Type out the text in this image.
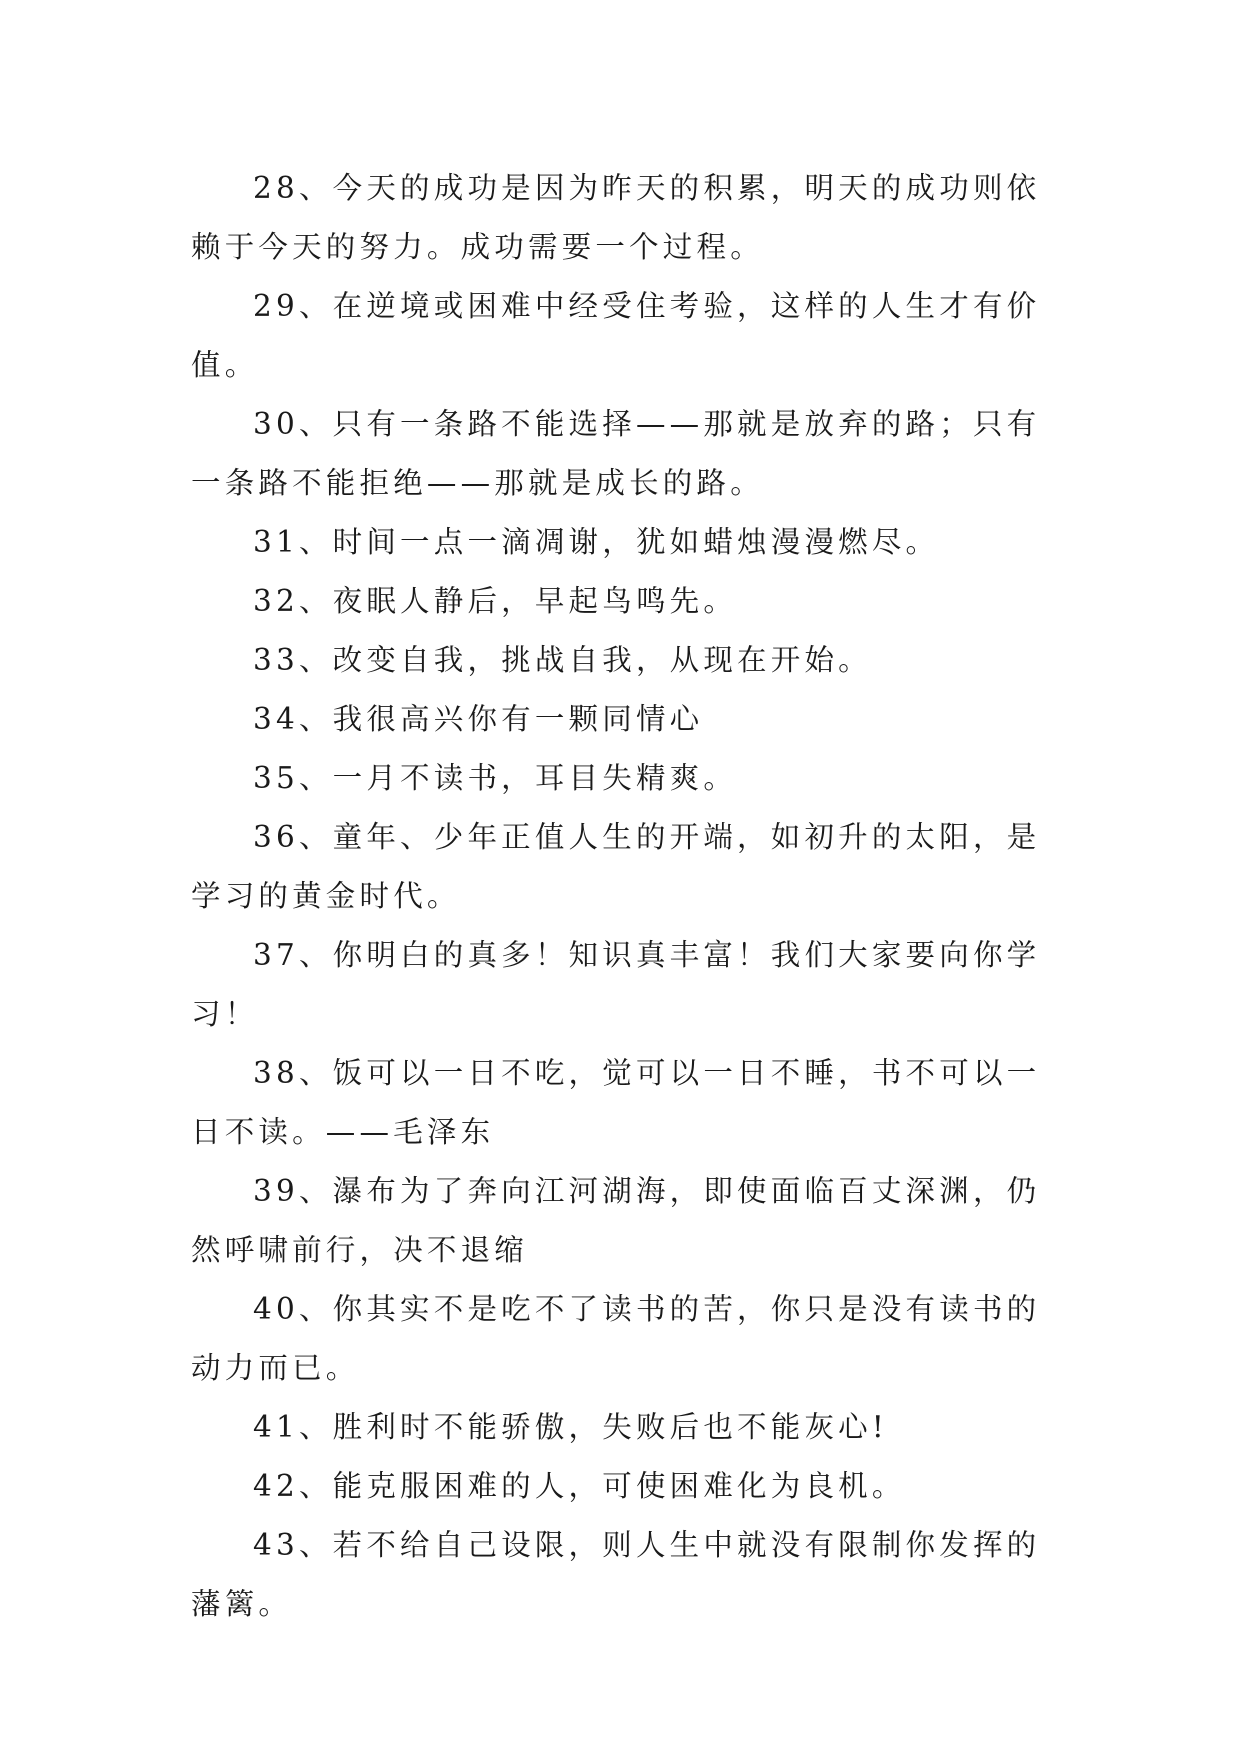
28、今天的成功是因为昨天的积累，明天的成功则依赖于今天的努力。成功需要一个过程。

29、在逆境或困难中经受住考验，这样的人生才有价值。

30、只有一条路不能选择——那就是放弃的路；只有一条路不能拒绝——那就是成长的路。

31、时间一点一滴凋谢，犹如蜡烛漫漫燃尽。

32、夜眠人静后，早起鸟鸣先。

33、改变自我，挑战自我，从现在开始。

34、我很高兴你有一颗同情心

35、一月不读书，耳目失精爽。

36、童年、少年正值人生的开端，如初升的太阳，是学习的黄金时代。

37、你明白的真多！知识真丰富！我们大家要向你学习！

38、饭可以一日不吃，觉可以一日不睡，书不可以一日不读。——毛泽东

39、瀑布为了奔向江河湖海，即使面临百丈深渊，仍然呼啸前行，决不退缩

40、你其实不是吃不了读书的苦，你只是没有读书的动力而已。

41、胜利时不能骄傲，失败后也不能灰心!

42、能克服困难的人，可使困难化为良机。

43、若不给自己设限，则人生中就没有限制你发挥的藩篱。
